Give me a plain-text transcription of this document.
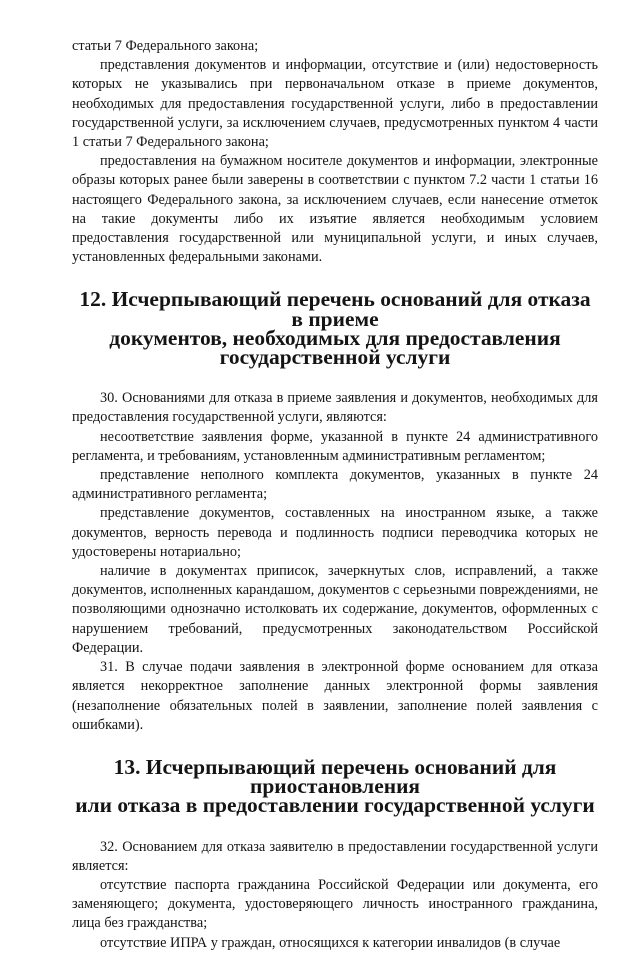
статьи 7 Федерального закона;

представления документов и информации, отсутствие и (или) недостоверность которых не указывались при первоначальном отказе в приеме документов, необходимых для предоставления государственной услуги, либо в предоставлении государственной услуги, за исключением случаев, предусмотренных пунктом 4 части 1 статьи 7 Федерального закона;

предоставления на бумажном носителе документов и информации, электронные образы которых ранее были заверены в соответствии с пунктом 7.2 части 1 статьи 16 настоящего Федерального закона, за исключением случаев, если нанесение отметок на такие документы либо их изъятие является необходимым условием предоставления государственной или муниципальной услуги, и иных случаев, установленных федеральными законами.

12. Исчерпывающий перечень оснований для отказа в приеме
документов, необходимых для предоставления
государственной услуги

30. Основаниями для отказа в приеме заявления и документов, необходимых для предоставления государственной услуги, являются:

несоответствие заявления форме, указанной в пункте 24 административного регламента, и требованиям, установленным административным регламентом;

представление неполного комплекта документов, указанных в пункте 24 административного регламента;

представление документов, составленных на иностранном языке, а также документов, верность перевода и подлинность подписи переводчика которых не удостоверены нотариально;

наличие в документах приписок, зачеркнутых слов, исправлений, а также документов, исполненных карандашом, документов с серьезными повреждениями, не позволяющими однозначно истолковать их содержание, документов, оформленных с нарушением требований, предусмотренных законодательством Российской Федерации.

31. В случае подачи заявления в электронной форме основанием для отказа является некорректное заполнение данных электронной формы заявления (незаполнение обязательных полей в заявлении, заполнение полей заявления с ошибками).

13. Исчерпывающий перечень оснований для приостановления
или отказа в предоставлении государственной услуги

32. Основанием для отказа заявителю в предоставлении государственной услуги является:

отсутствие паспорта гражданина Российской Федерации или документа, его заменяющего; документа, удостоверяющего личность иностранного гражданина, лица без гражданства;

отсутствие ИПРА у граждан, относящихся к категории инвалидов (в случае
